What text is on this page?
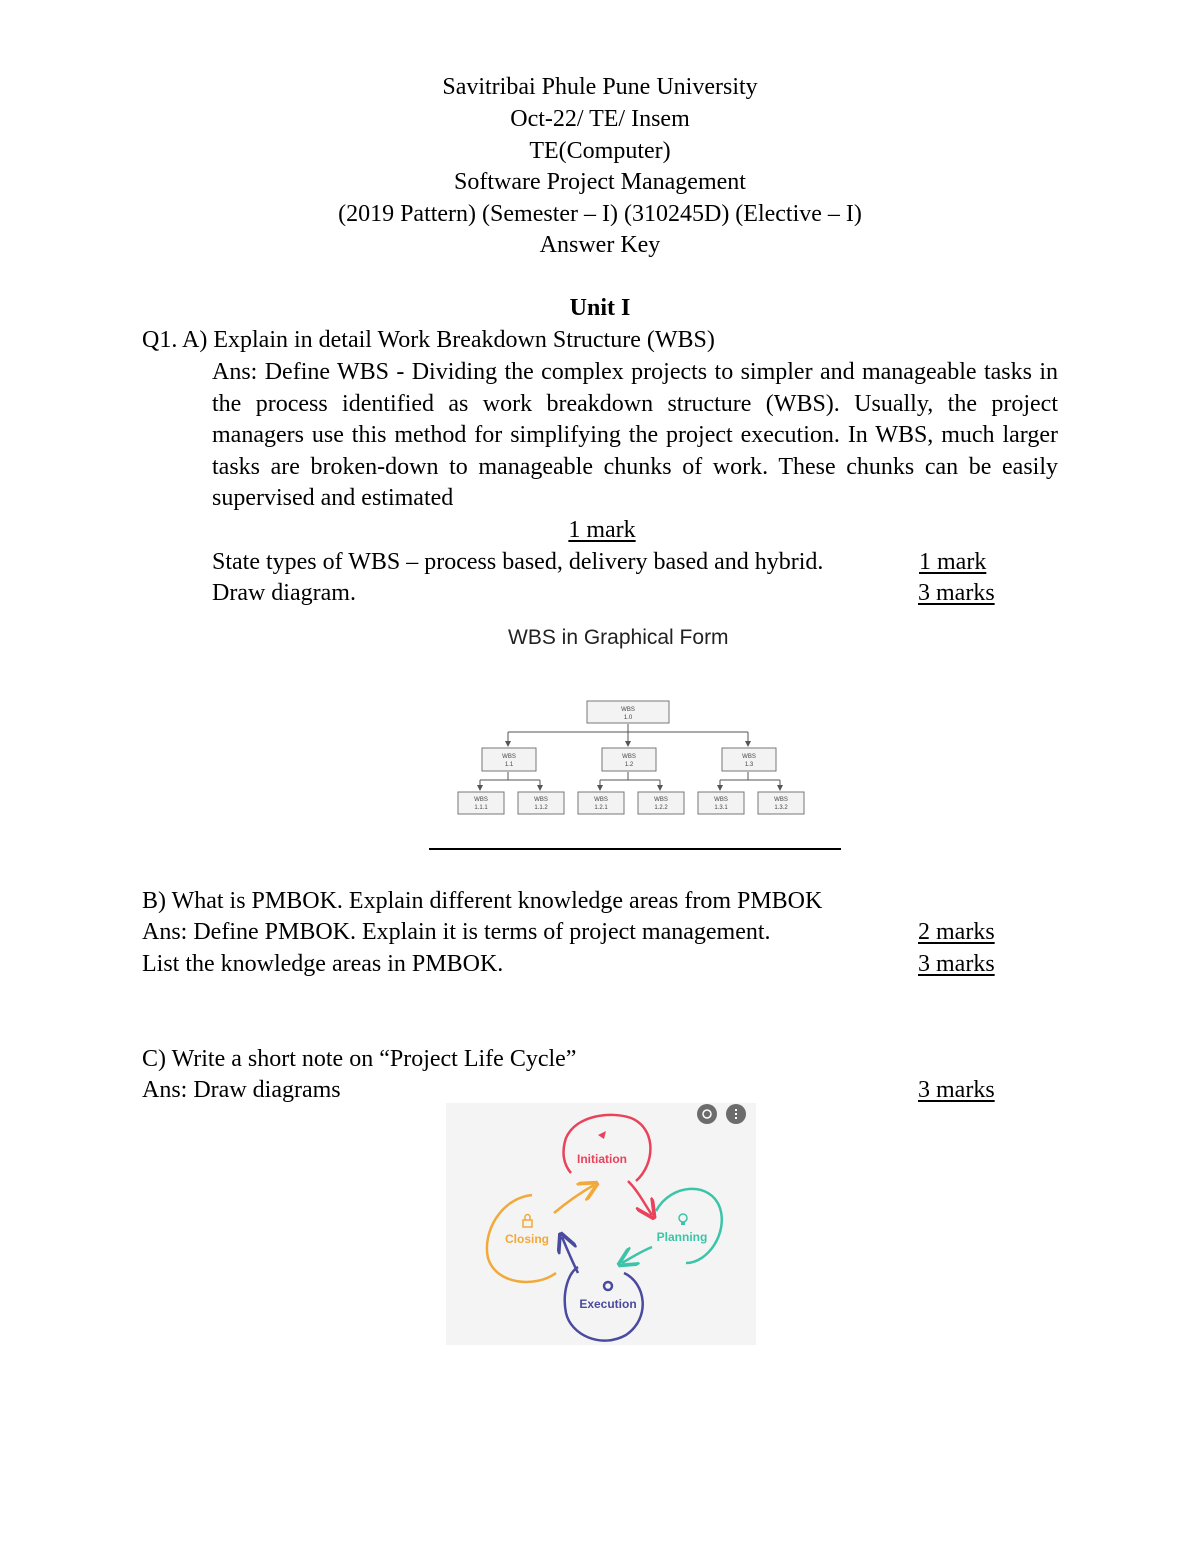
Savitribai Phule Pune University
Oct-22/ TE/ Insem
TE(Computer)
Software Project Management
(2019 Pattern) (Semester – I) (310245D) (Elective – I)
Answer Key
Unit I
Q1. A) Explain in detail Work Breakdown Structure (WBS)
Ans: Define WBS - Dividing the complex projects to simpler and manageable tasks in the process identified as work breakdown structure (WBS). Usually, the project managers use this method for simplifying the project execution. In WBS, much larger tasks are broken-down to manageable chunks of work. These chunks can be easily supervised and estimated
1 mark
State types of WBS – process based, delivery based and hybrid.	1 mark
Draw diagram.	3 marks
WBS in Graphical Form
WBS
1.0
WBS
1.1
WBS
1.2
WBS
1.3
WBS
1.1.1
WBS
1.1.2
WBS
1.2.1
WBS
1.2.2
WBS
1.3.1
WBS
1.3.2
B) What is PMBOK. Explain different knowledge areas from PMBOK
Ans: Define PMBOK. Explain it is terms of project management.	2 marks
List the knowledge areas in PMBOK.	3 marks
C) Write a short note on “Project Life Cycle”
Ans: Draw diagrams	3 marks
Initiation
Planning
Execution
Closing
